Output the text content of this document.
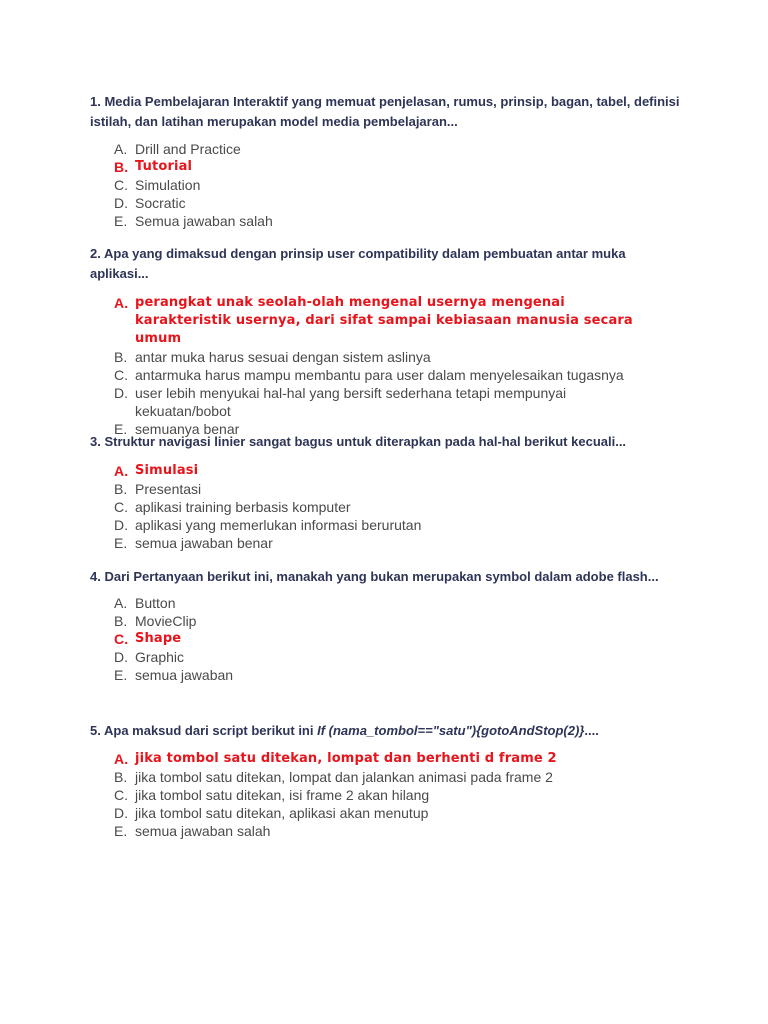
1. Media Pembelajaran Interaktif yang memuat penjelasan, rumus, prinsip, bagan, tabel, definisi istilah, dan latihan merupakan model media pembelajaran...

A. Drill and Practice
B. Tutorial
C. Simulation
D. Socratic
E. Semua jawaban salah

2. Apa yang dimaksud dengan prinsip user compatibility dalam pembuatan antar muka aplikasi...

A. perangkat unak seolah-olah mengenal usernya mengenai karakteristik usernya, dari sifat sampai kebiasaan manusia secara umum
B. antar muka harus sesuai dengan sistem aslinya
C. antarmuka harus mampu membantu para user dalam menyelesaikan tugasnya
D. user lebih menyukai hal-hal yang bersift sederhana tetapi mempunyai kekuatan/bobot
E. semuanya benar

3. Struktur navigasi linier sangat bagus untuk diterapkan pada hal-hal berikut kecuali...

A. Simulasi
B. Presentasi
C. aplikasi training berbasis komputer
D. aplikasi yang memerlukan informasi berurutan
E. semua jawaban benar

4. Dari Pertanyaan berikut ini, manakah yang bukan merupakan symbol dalam adobe flash...

A. Button
B. MovieClip
C. Shape
D. Graphic
E. semua jawaban

5. Apa maksud dari script berikut ini If (nama_tombol=="satu"){gotoAndStop(2)}....

A. jika tombol satu ditekan, lompat dan berhenti d frame 2
B. jika tombol satu ditekan, lompat dan jalankan animasi pada frame 2
C. jika tombol satu ditekan, isi frame 2 akan hilang
D. jika tombol satu ditekan, aplikasi akan menutup
E. semua jawaban salah
